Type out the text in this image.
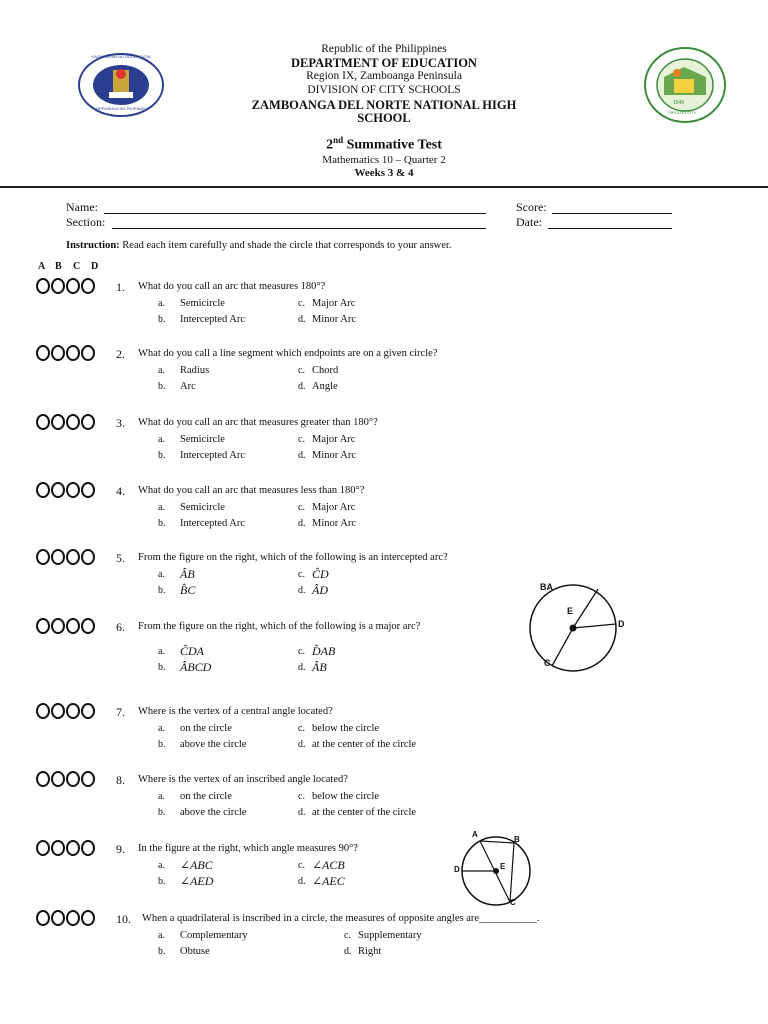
KAGAWARAN NG EDUKASYON
REPUBLIKA NG PILIPINAS
1946
DIPOLOG CITY
Republic of the Philippines
DEPARTMENT OF EDUCATION
Region IX, Zamboanga Peninsula
DIVISION OF CITY SCHOOLS
ZAMBOANGA DEL NORTE NATIONAL HIGH
SCHOOL
2nd Summative Test
Mathematics 10 – Quarter 2
Weeks 3 & 4
Name:
Section:
Score:
Date:
Instruction: Read each item carefully and shade the circle that corresponds to your answer.
A B C D
1. What do you call an arc that measures 180°?
a. Semicircle
b. Intercepted Arc
c. Major Arc
d. Minor Arc
2. What do you call a line segment which endpoints are on a given circle?
a. Radius
b. Arc
c. Chord
d. Angle
3. What do you call an arc that measures greater than 180°?
a. Semicircle
b. Intercepted Arc
c. Major Arc
d. Minor Arc
4. What do you call an arc that measures less than 180°?
a. Semicircle
b. Intercepted Arc
c. Major Arc
d. Minor Arc
5. From the figure on the right, which of the following is an intercepted arc?
a. ÂB
b. B̂C
c. ĈD
d. ÂD
6. From the figure on the right, which of the following is a major arc?
a. ĈDA
b. ÂBCD
c. D̂AB
d. ÂB
7. Where is the vertex of a central angle located?
a. on the circle
b. above the circle
c. below the circle
d. at the center of the circle
8. Where is the vertex of an inscribed angle located?
a. on the circle
b. above the circle
c. below the circle
d. at the center of the circle
9. In the figure at the right, which angle measures 90°?
a. ∠ABC
b. ∠AED
c. ∠ACB
d. ∠AEC
10. When a quadrilateral is inscribed in a circle, the measures of opposite angles are___________.
a. Complementary
b. Obtuse
c. Supplementary
d. Right
BA
E
D
C
A
B
D	E
C
